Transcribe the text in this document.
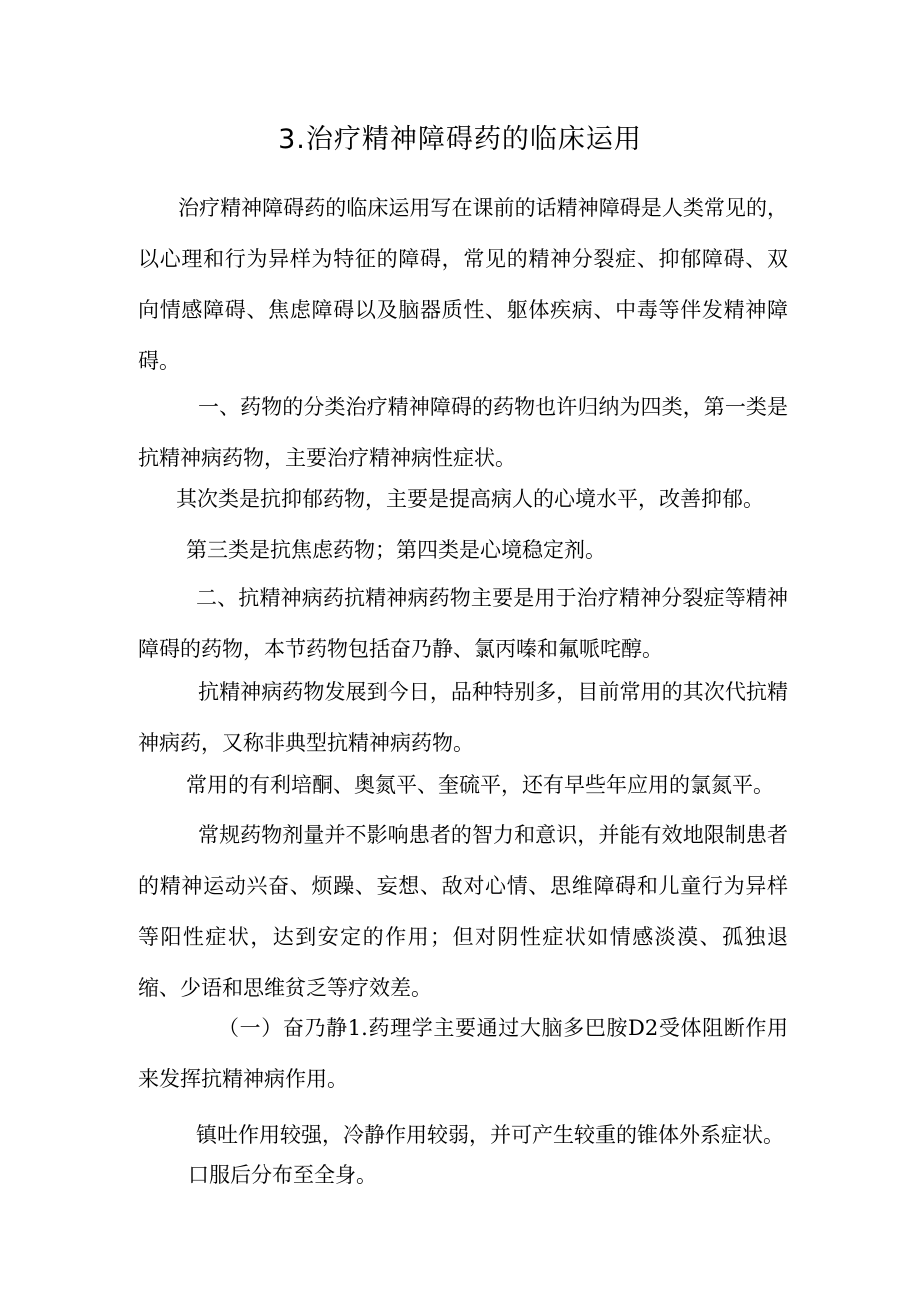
3.治疗精神障碍药的临床运用

治疗精神障碍药的临床运用写在课前的话精神障碍是人类常见的，以心理和行为异样为特征的障碍，常见的精神分裂症、抑郁障碍、双向情感障碍、焦虑障碍以及脑器质性、躯体疾病、中毒等伴发精神障碍。

一、药物的分类治疗精神障碍的药物也许归纳为四类，第一类是抗精神病药物，主要治疗精神病性症状。

其次类是抗抑郁药物，主要是提高病人的心境水平，改善抑郁。

第三类是抗焦虑药物；第四类是心境稳定剂。

二、抗精神病药抗精神病药物主要是用于治疗精神分裂症等精神障碍的药物，本节药物包括奋乃静、氯丙嗪和氟哌咤醇。

抗精神病药物发展到今日，品种特别多，目前常用的其次代抗精神病药，又称非典型抗精神病药物。

常用的有利培酮、奥氮平、奎硫平，还有早些年应用的氯氮平。

常规药物剂量并不影响患者的智力和意识，并能有效地限制患者的精神运动兴奋、烦躁、妄想、敌对心情、思维障碍和儿童行为异样等阳性症状，达到安定的作用；但对阴性症状如情感淡漠、孤独退缩、少语和思维贫乏等疗效差。

（一）奋乃静1.药理学主要通过大脑多巴胺D2受体阻断作用来发挥抗精神病作用。

镇吐作用较强，冷静作用较弱，并可产生较重的锥体外系症状。

口服后分布至全身。
